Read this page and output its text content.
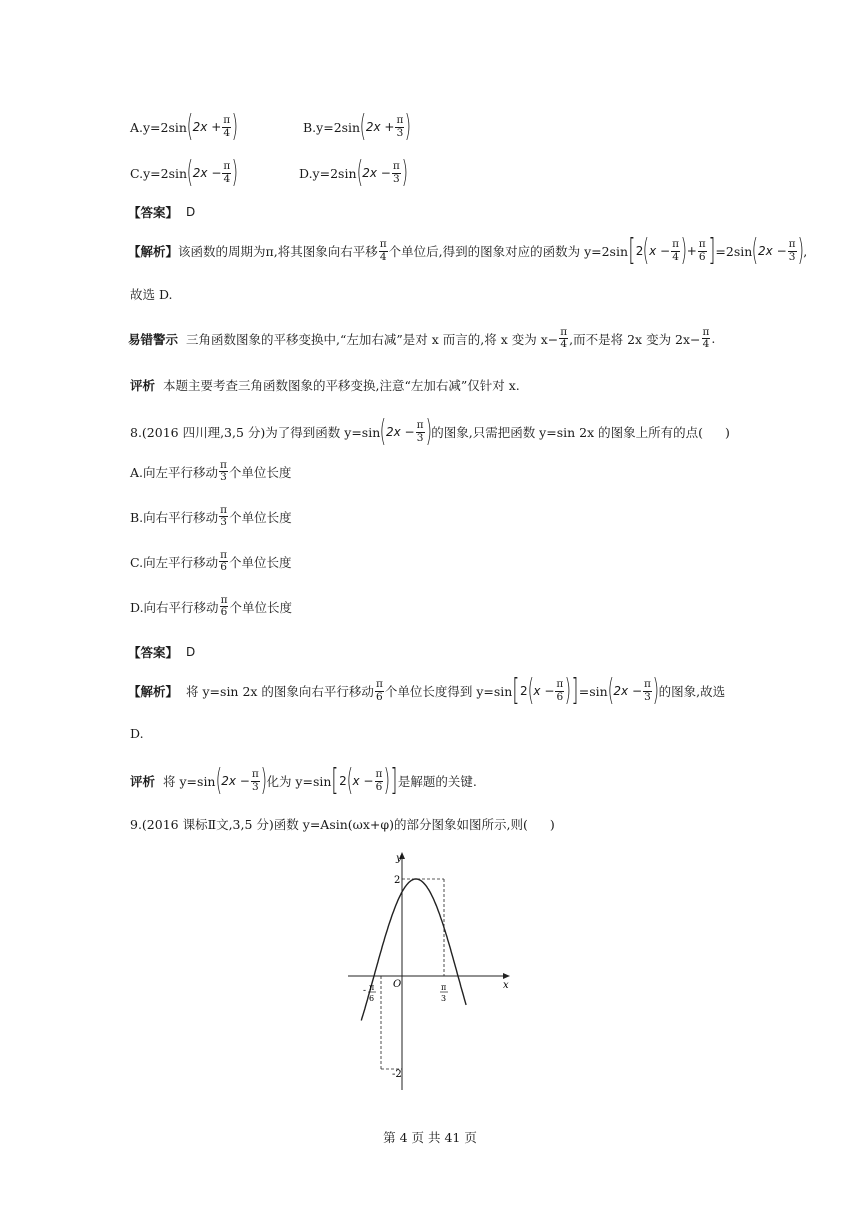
A.y=2sin ( $2x + \frac{\pi}{4}$ )	B.y=2sin ( $2x + \frac{\pi}{3}$ )
C.y=2sin ( $2x - \frac{\pi}{4}$ )	D.y=2sin ( $2x - \frac{\pi}{3}$ )
【答案】 D
【解析】 该函数的周期为π,将其图象向右平移 $\frac{\pi}{4}$ 个单位后,得到的图象对应的函数为 y=2sin [ 2 ( $x - \frac{\pi}{4}$ ) + $\frac{\pi}{6}$ ] =2sin ( $2x - \frac{\pi}{3}$ ) ,
故选 D.
易错警示 三角函数图象的平移变换中,“左加右减”是对 x 而言的,将 x 变为 $x- \frac{\pi}{4}$ ,而不是将 2x 变为 $2x- \frac{\pi}{4}$ .
评析 本题主要考查三角函数图象的平移变换,注意“左加右减”仅针对 x.
8.(2016 四川理,3,5 分)为了得到函数 y=sin ( $2x - \frac{\pi}{3}$ ) 的图象,只需把函数 y=sin 2x 的图象上所有的点( )
A.向左平行移动 $\frac{\pi}{3}$ 个单位长度
B.向右平行移动 $\frac{\pi}{3}$ 个单位长度
C.向左平行移动 $\frac{\pi}{6}$ 个单位长度
D.向右平行移动 $\frac{\pi}{6}$ 个单位长度
【答案】 D
【解析】 将 y=sin 2x 的图象向右平行移动 $\frac{\pi}{6}$ 个单位长度得到 y=sin [ 2 ( $x - \frac{\pi}{6}$ ) ] =sin ( $2x - \frac{\pi}{3}$ ) 的图象,故选
D.
评析 将 y=sin ( $2x - \frac{\pi}{3}$ ) 化为 y=sin [ 2 ( $x - \frac{\pi}{6}$ ) ] 是解题的关键.
9.(2016 课标Ⅱ文,3,5 分)函数 y=Asin(ωx+φ)的部分图象如图所示,则( )
y
x
O
2
-2
- π
6
π
3
第 4 页 共 41 页
